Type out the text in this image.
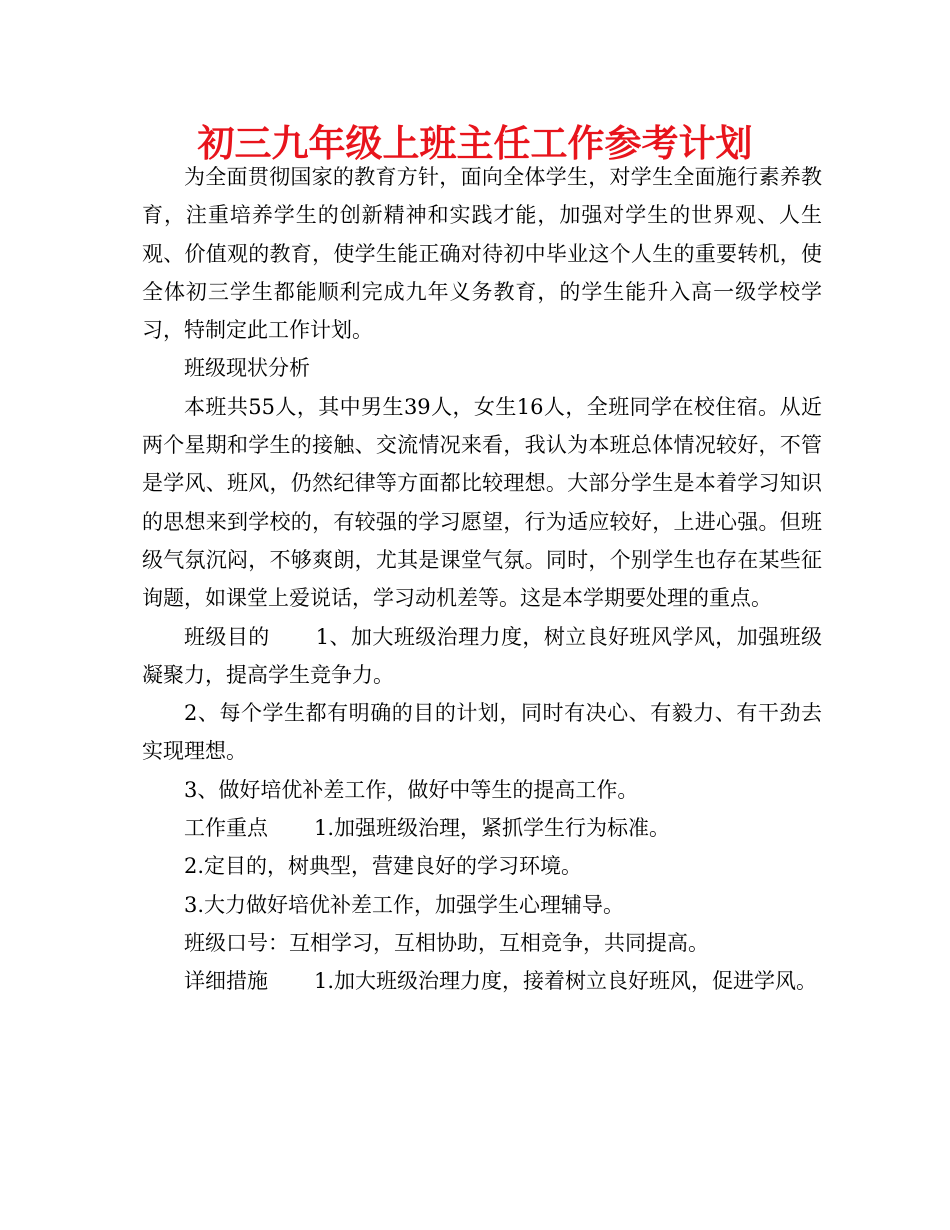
初三九年级上班主任工作参考计划

为全面贯彻国家的教育方针，面向全体学生，对学生全面施行素养教育，注重培养学生的创新精神和实践才能，加强对学生的世界观、人生观、价值观的教育，使学生能正确对待初中毕业这个人生的重要转机，使全体初三学生都能顺利完成九年义务教育，的学生能升入高一级学校学习，特制定此工作计划。

班级现状分析

本班共55人，其中男生39人，女生16人，全班同学在校住宿。从近两个星期和学生的接触、交流情况来看，我认为本班总体情况较好，不管是学风、班风，仍然纪律等方面都比较理想。大部分学生是本着学习知识的思想来到学校的，有较强的学习愿望，行为适应较好，上进心强。但班级气氛沉闷，不够爽朗，尤其是课堂气氛。同时，个别学生也存在某些征询题，如课堂上爱说话，学习动机差等。这是本学期要处理的重点。

班级目的 1、加大班级治理力度，树立良好班风学风，加强班级凝聚力，提高学生竞争力。

2、每个学生都有明确的目的计划，同时有决心、有毅力、有干劲去实现理想。

3、做好培优补差工作，做好中等生的提高工作。

工作重点 1.加强班级治理，紧抓学生行为标准。

2.定目的，树典型，营建良好的学习环境。

3.大力做好培优补差工作，加强学生心理辅导。

班级口号：互相学习，互相协助，互相竞争，共同提高。

详细措施 1.加大班级治理力度，接着树立良好班风，促进学风。
